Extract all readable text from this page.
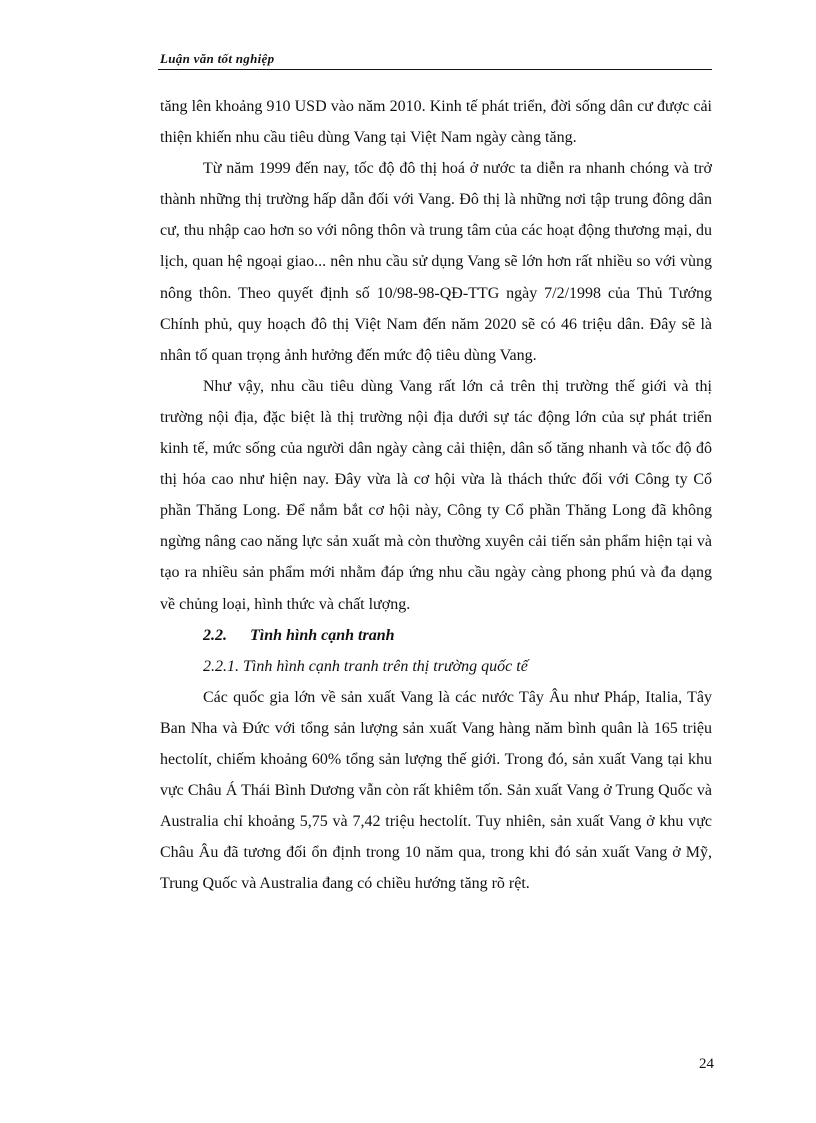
Luận văn tốt nghiệp

tăng lên khoảng 910 USD vào năm 2010. Kinh tế phát triển, đời sống dân cư được cải thiện khiến nhu cầu tiêu dùng Vang tại Việt Nam ngày càng tăng.

Từ năm 1999 đến nay, tốc độ đô thị hoá ở nước ta diễn ra nhanh chóng và trở thành những thị trường hấp dẫn đối với Vang. Đô thị là những nơi tập trung đông dân cư, thu nhập cao hơn so với nông thôn và trung tâm của các hoạt động thương mại, du lịch, quan hệ ngoại giao... nên nhu cầu sử dụng Vang sẽ lớn hơn rất nhiều so với vùng nông thôn. Theo quyết định số 10/98-98-QĐ-TTG ngày 7/2/1998 của Thủ Tướng Chính phủ, quy hoạch đô thị Việt Nam đến năm 2020 sẽ có 46 triệu dân. Đây sẽ là nhân tố quan trọng ảnh hưởng đến mức độ tiêu dùng Vang.

Như vậy, nhu cầu tiêu dùng Vang rất lớn cả trên thị trường thế giới và thị trường nội địa, đặc biệt là thị trường nội địa dưới sự tác động lớn của sự phát triển kinh tế, mức sống của người dân ngày càng cải thiện, dân số tăng nhanh và tốc độ đô thị hóa cao như hiện nay. Đây vừa là cơ hội vừa là thách thức đối với Công ty Cổ phần Thăng Long. Để nắm bắt cơ hội này, Công ty Cổ phần Thăng Long đã không ngừng nâng cao năng lực sản xuất mà còn thường xuyên cải tiến sản phẩm hiện tại và tạo ra nhiều sản phẩm mới nhằm đáp ứng nhu cầu ngày càng phong phú và đa dạng về chủng loại, hình thức và chất lượng.

2.2. Tình hình cạnh tranh

2.2.1. Tình hình cạnh tranh trên thị trường quốc tế

Các quốc gia lớn về sản xuất Vang là các nước Tây Âu như Pháp, Italia, Tây Ban Nha và Đức với tổng sản lượng sản xuất Vang hàng năm bình quân là 165 triệu hectolít, chiếm khoảng 60% tổng sản lượng thế giới. Trong đó, sản xuất Vang tại khu vực Châu Á Thái Bình Dương vẫn còn rất khiêm tốn. Sản xuất Vang ở Trung Quốc và Australia chỉ khoảng 5,75 và 7,42 triệu hectolít. Tuy nhiên, sản xuất Vang ở khu vực Châu Âu đã tương đối ổn định trong 10 năm qua, trong khi đó sản xuất Vang ở Mỹ, Trung Quốc và Australia đang có chiều hướng tăng rõ rệt.

24
